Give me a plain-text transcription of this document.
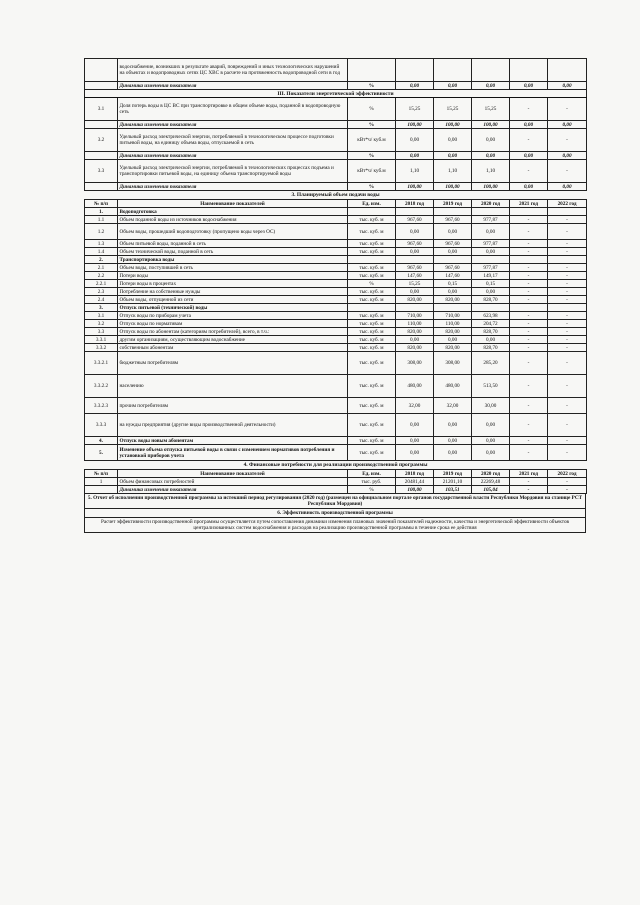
	водоснабжение, возникших в результате аварий, повреждений и иных технологических нарушений на объектах и водопроводных сетях ЦС ХВС в расчете на протяженность водопроводной сети в год						
	Динамика изменения показателя	%	0,00	0,00	0,00	0,00	0,00
III. Показатели энергетической эффективности							
3.1	Доля потерь воды в ЦС ВС при транспортировке в общем объеме воды, поданной в водопроводную сеть	%	15,25	15,25	15,25	-	-
	Динамика изменения показателя	%	100,00	100,00	100,00	0,00	0,00
3.2	Удельный расход электрической энергии, потребляемой в технологическом процессе подготовки питьевой воды, на единицу объема воды, отпускаемой в сеть	кВт*ч/ куб.м	0,00	0,00	0,00	-	-
	Динамика изменения показателя	%	0,00	0,00	0,00	0,00	0,00
3.3	Удельный расход электрической энергии, потребляемой в технологических процессах подъема и транспортировки питьевой воды, на единицу объема транспортируемой воды	кВт*ч/ куб.м	1,10	1,10	1,10	-	-
	Динамика изменения показателя	%	100,00	100,00	100,00	0,00	0,00
3. Планируемый объем подачи воды							
№ п/п	Наименование показателей	Ед. изм.	2018 год	2019 год	2020 год	2021 год	2022 год
1.	Водоподготовка						
1.1	Объем поданной воды из источников водоснабжения	тыс. куб. м	967,60	967,60	977,87	-	-
1.2	Объем воды, прошедший водоподготовку (пропущено воды через ОС)	тыс. куб. м	0,00	0,00	0,00	-	-
1.3	Объем питьевой воды, поданной в сеть	тыс. куб. м	967,60	967,60	977,87	-	-
1.4	Объем технической воды, поданной в сеть	тыс. куб. м	0,00	0,00	0,00	-	-
2.	Транспортировка воды						
2.1	Объем воды, поступившей в сеть	тыс. куб. м	967,60	967,60	977,87	-	-
2.2	Потери воды	тыс. куб. м	147,60	147,60	149,17	-	-
2.2.1	Потери воды в процентах	%	15,25	0,15	0,15	-	-
2.3	Потребление на собственные нужды	тыс. куб. м	0,00	0,00	0,00	-	-
2.4	Объем воды, отпущенной из сети	тыс. куб. м	820,00	820,00	828,70	-	-
3.	Отпуск питьевой (технической) воды						
3.1	Отпуск воды по приборам учета	тыс. куб. м	710,00	710,00	623,98	-	-
3.2	Отпуск воды по нормативам	тыс. куб. м	110,00	110,00	204,72	-	-
3.3	Отпуск воды по абонентам (категориям потребителей), всего, в т.ч.:	тыс. куб. м	820,00	820,00	828,70	-	-
3.3.1	другим организациям, осуществляющим водоснабжение	тыс. куб. м	0,00	0,00	0,00	-	-
3.3.2	собственным абонентам	тыс. куб. м	820,00	820,00	828,70	-	-
3.3.2.1	бюджетным потребителям	тыс. куб. м	308,00	308,00	285,20	-	-
3.3.2.2	населению	тыс. куб. м	480,00	480,00	513,50	-	-
3.3.2.3	прочим потребителям	тыс. куб. м	32,00	32,00	30,00	-	-
3.3.3	на нужды предприятия (другие виды производственной деятельности)	тыс. куб. м	0,00	0,00	0,00	-	-
4.	Отпуск воды новым абонентам	тыс. куб. м	0,00	0,00	0,00	-	-
5.	Изменение объема отпуска питьевой воды в связи с изменением нормативов потребления и установкой приборов учета	тыс. куб. м	0,00	0,00	0,00	-	-
4. Финансовые потребности для реализации производственной программы							
№ п/п	Наименование показателей	Ед. изм.	2018 год	2019 год	2020 год	2021 год	2022 год
1	Объем финансовых потребностей	тыс. руб.	20481,44	21201,10	22269,48	-	-
	Динамика изменения показателя	%	100,00	103,51	105,04	-	-
5. Отчет об исполнении производственной программы за истекший период регулирования (2020 год) (размещен на официальном портале органов государственной власти Республики Мордовия на станице РСТ Республики Мордовия)
6. Эффективность производственной программы
Расчет эффективности производственной программы осуществляется путем сопоставления динамики изменения плановых значений показателей надежности, качества и энергетической эффективности объектов централизованных систем водоснабжения и расходов на реализацию производственной программы в течение срока ее действия
